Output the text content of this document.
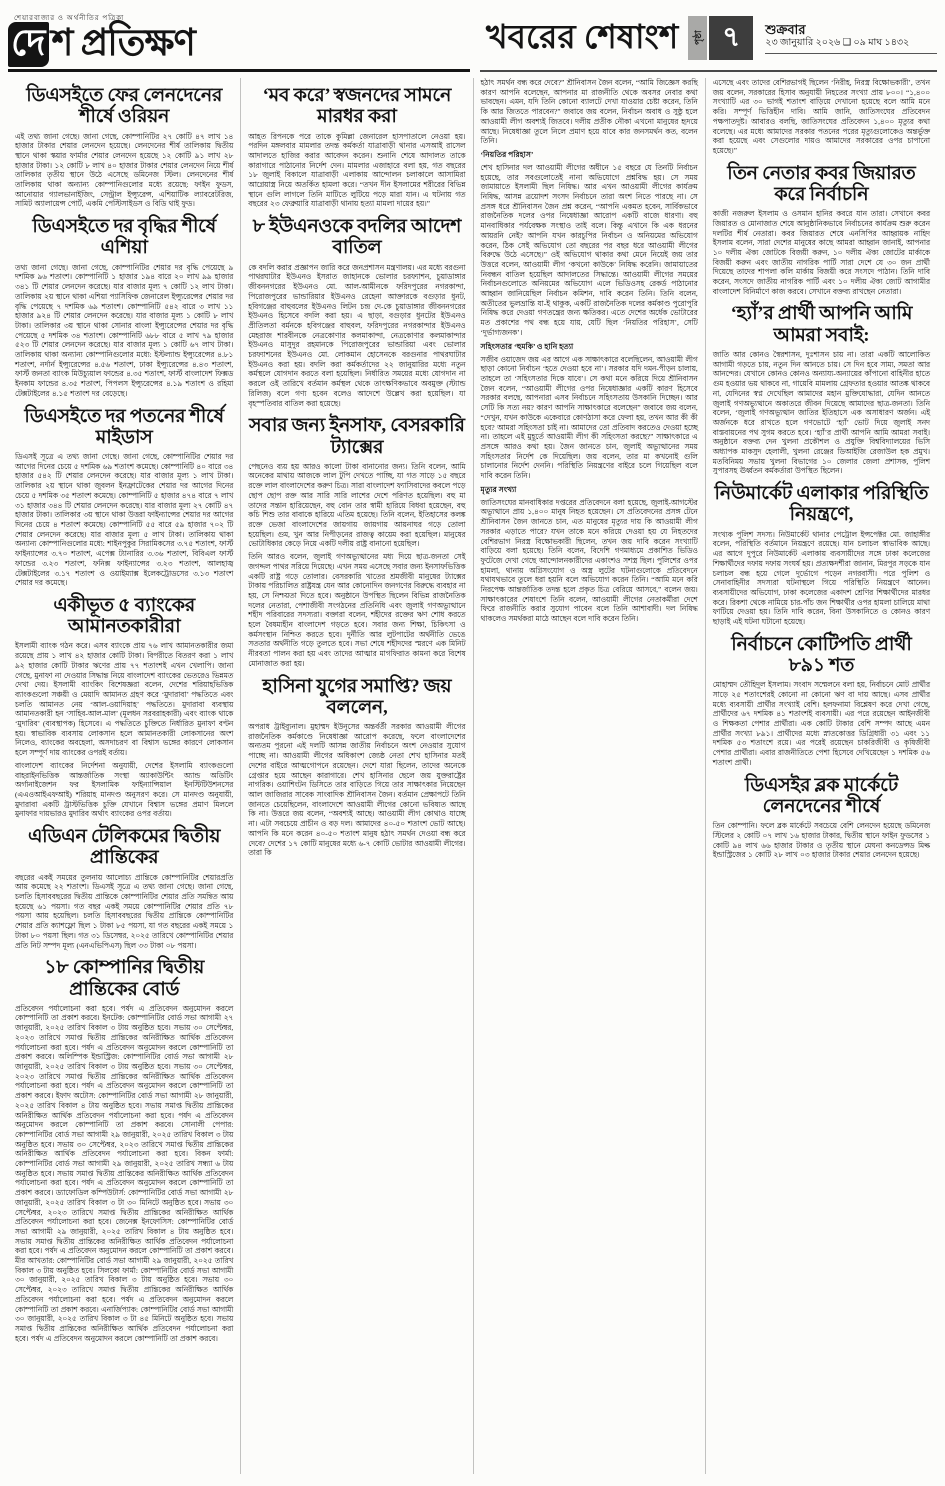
শেয়ারবাজার ও অর্থনীতির পত্রিকা
দে শ প্রতিক্ষণ	খবরের শেষাংশ	পৃষ্ঠা ৭	শুক্রবার
২৩ জানুয়ারি ২০২৬ ❑ ০৯ মাঘ ১৪৩২
ডিএসইতে ফের লেনদেনের শীর্ষে ওরিয়ন

এই তথ্য জানা গেছে। জানা গেছে, কোম্পানিটির ২৭ কোটি ৪৭ লাখ ১৪ হাজার টাকার শেয়ার লেনদেন হয়েছে। লেনদেনের শীর্ষ তালিকায় দ্বিতীয় স্থানে থাকা স্কয়ার ফার্মার শেয়ার লেনদেন হয়েছে ১২ কোটি ৯১ লাখ ২৮ হাজার টাকা। ১২ কোটি ৮ লাখ ৪০ হাজার টাকার শেয়ার লেনদেন নিয়ে শীর্ষ তালিকার তৃতীয় স্থানে উঠে এসেছে ডমিনেজ স্টিল। লেনদেনের শীর্ষ তালিকায় থাকা অন্যান্য কোম্পানিগুলোর মধ্যে রয়েছে: ফাইন ফুডস, আনোয়ার গ্যালভানাইজিং, সেন্ট্রাল ইন্স্যুরেন্স, এশিয়াটিক ল্যাবরেটরিজ, সামিট অ্যালায়েন্স পোর্ট, একমি পেস্টিসাইডস ও বিডি থাই ফুড।

ডিএসইতে দর বৃদ্ধির শীর্ষে এশিয়া

তথ্য জানা গেছে। জানা গেছে, কোম্পানিটির শেয়ার দর বৃদ্ধি পেয়েছে ৯ দশমিক ৯৬ শতাংশ। কোম্পানিটি ১ হাজার ১৯৪ বারে ২০ লাখ ৯৯ হাজার ৩৪১ টি শেয়ার লেনদেন করেছে। যার বাজার মূল্য ৭ কোটি ১২ লাখ টাকা। তালিকায় ২য় স্থানে থাকা এশিয়া প্যাসিফিক জেনারেল ইন্স্যুরেন্সের শেয়ার দর বৃদ্ধি পেয়েছে ৭ দশমিক ৬৯ শতাংশ। কোম্পানিটি ৫৪২ বারে ৩ লাখ ১১ হাজার ৯২৪ টি শেয়ার লেনদেন করেছে। যার বাজার মূল্য ১ কোটি ৮ লাখ টাকা। তালিকার ৩য় স্থানে থাকা সোনার বাংলা ইন্স্যুরেন্সের শেয়ার দর বৃদ্ধি পেয়েছে ৫ দশমিক ৩৪ শতাংশ। কোম্পানিটি ৬৮৮ বারে ৫ লাখ ৭৯ হাজার ৫২৩ টি শেয়ার লেনদেন করেছে। যার বাজার মূল্য ১ কোটি ৬৭ লাখ টাকা। তালিকায় থাকা অন্যান্য কোম্পানিগুলোর মধ্যে: ইস্টল্যান্ড ইন্স্যুরেন্সের ৪.৮১ শতাংশ, নর্দার্ন ইন্স্যুরেন্সের ৪.৫৬ শতাংশ, ঢাকা ইন্স্যুরেন্সের ৪.৪৩ শতাংশ, ফার্স্ট জনতা ব্যাংক মিউচ্যুয়াল ফান্ডের ৪.৩৫ শতাংশ, ফার্স্ট বাংলাদেশ ফিক্সড ইনকাম ফান্ডের ৪.৩৫ শতাংশ, পিপলস ইন্স্যুরেন্সের ৪.১৯ শতাংশ ও রহিমা টেক্সটাইলের ৪.১৫ শতাংশ দর বেড়েছে।

ডিএসইতে দর পতনের শীর্ষে মাইডাস

ডিএসই সূত্রে এ তথ্য জানা গেছে। জানা গেছে, কোম্পানিটির শেয়ার দর আগের দিনের চেয়ে ৫ দশমিক ৬৯ শতাংশ কমেছে। কোম্পানিটি ৪০ বারে ৩৪ হাজার ৫৪২ টি শেয়ার লেনদেন করেছে। যার বাজার মূল্য ১ লাখ টাকা। তালিকার ২য় স্থানে থাকা জুবলন ইনফ্রাটেকের শেয়ার দর আগের দিনের চেয়ে ৫ দশমিক ৩৫ শতাংশ কমেছে। কোম্পানিটি ৫ হাজার ৪৭৪ বারে ৭ লাখ ৩১ হাজার ৩৪৪ টি শেয়ার লেনদেন করেছে। যার বাজার মূল্য ২৭ কোটি ৪৭ হাজার টাকা। তালিকার ৩য় স্থানে থাকা উত্তরা ফাইন্যান্সের শেয়ার দর আগের দিনের চেয়ে ৪ শতাংশ কমেছে। কোম্পানিটি ৫৫ বারে ৫৯ হাজার ৭০২ টি শেয়ার লেনদেন করেছে। যার বাজার মূল্য ৫ লাখ টাকা। তালিকায় থাকা অন্যান্য কোম্পানিগুলোর মধ্যে: শাইনপুকুর সিরামিকসের ৩.৭৫ শতাংশ, ফার্স্ট ফাইন্যান্সের ৩.৭০ শতাংশ, এপেক্স ট্যানারির ৩.৩৬ শতাংশ, বিবিএল ফার্স্ট ফান্ডের ৩.২৩ শতাংশ, ফনিক্স ফাইন্যান্সের ৩.২৩ শতাংশ, আলহাজ্ব টেক্সটাইলের ৩.১৭ শতাংশ ও ওয়াইম্যাক্স ইলেকট্রোডসের ৩.১৩ শতাংশ শেয়ার দর কমেছে।

একীভূত ৫ ব্যাংকের আমানতকারীরা

ইসলামী ব্যাংক গঠন করে। এসব ব্যাংকে প্রায় ৭৬ লাখ আমানতকারীর জমা রয়েছে প্রায় ১ লাখ ৪২ হাজার কোটি টাকা। বিপরীতে বিতরণ করা ১ লাখ ৯২ হাজার কোটি টাকার ঋণের প্রায় ৭৭ শতাংশই এখন খেলাপি। জানা গেছে, মুনাফা না দেওয়ার সিদ্ধান্ত নিয়ে বাংলাদেশ ব্যাংকের ভেতরেও ভিন্নমত দেখা দেয়। ইসলামী ব্যাংকিং বিশেষজ্ঞরা বলেন, দেশের শরিয়াহভিত্তিক ব্যাংকগুলো সঞ্চয়ী ও মেয়াদি আমানত গ্রহণ করে ‘মুদারাবা’ পদ্ধতিতে এবং চলতি আমানত নেয় ‘আল-ওয়াদিয়াহ’ পদ্ধতিতে। মুদারাবা ব্যবস্থায় আমানতকারী হন ‘সাহিব-আল-মাল’ (মূলধন সরবরাহকারী) এবং ব্যাংক থাকে ‘মুদারিব’ (ব্যবস্থাপক) হিসেবে। এ পদ্ধতিতে চুক্তিতে নির্ধারিত মুনাফা বণ্টন হয়। স্বাভাবিক ব্যবসায় লোকসান হলে আমানতকারী লোকসানের অংশ নিলেও, ব্যাংকের অবহেলা, অসদাচরণ বা বিশ্বাস ভঙ্গের কারণে লোকসান হলে সম্পূর্ণ দায় ব্যাংকের ওপরই বর্তায়।

বাংলাদেশ ব্যাংকের নির্দেশনা অনুযায়ী, দেশের ইসলামি ব্যাংকগুলো বাহরাইনভিত্তিক আন্তর্জাতিক সংস্থা অ্যাকাউন্টিং অ্যান্ড অডিটিং অর্গানাইজেশন ফর ইসলামিক ফাইন্যান্সিয়াল ইনস্টিটিউশনসের (এএওআইএফআই) শরিয়াহ মানদণ্ড অনুসরণ করে। সে মানদণ্ড অনুযায়ী, মুদারাবা একটি ট্রাস্টভিত্তিক চুক্তি যেখানে বিশ্বাস ভঙ্গের প্রমাণ মিললে মুনাফার দায়ভারও মুদারিব অর্থাৎ ব্যাংকের ওপর বর্তায়।

এডিএন টেলিকমের দ্বিতীয় প্রান্তিকের

বছরের একই সময়ের তুলনায় আলোচ্য প্রান্তিকে কোম্পানিটির শেয়ারপ্রতি আয় কমেছে ২২ শতাংশ। ডিএসই সূত্রে এ তথ্য জানা গেছে। জানা গেছে, চলতি হিসাববছরের দ্বিতীয় প্রান্তিকে কোম্পানিটির শেয়ার প্রতি সমন্বিত আয় হয়েছে ৬১ পয়সা। গত বছর একই সময়ে কোম্পানিটির শেয়ার প্রতি ৭৮ পয়সা আয় হয়েছিল। চলতি হিসাববছরের দ্বিতীয় প্রান্তিকে কোম্পানিটির শেয়ার প্রতি ক্যাশফ্লো ছিল ১ টাকা ৮৫ পয়সা, যা গত বছরের একই সময়ে ১ টাকা ৮০ পয়সা ছিল। গত ৩১ ডিসেম্বর, ২০২৫ তারিখে কোম্পানিটির শেয়ার প্রতি নিট সম্পদ মূল্য (এনএভিপিএস) ছিল ৩৩ টাকা ০৮ পয়সা।

১৮ কোম্পানির দ্বিতীয় প্রান্তিকের বোর্ড

প্রতিবেদন পর্যালোচনা করা হবে। পর্ষদ এ প্রতিবেদন অনুমোদন করলে কোম্পানিটি তা প্রকাশ করবে। ইনটেক: কোম্পানিটির বোর্ড সভা আগামী ২৭ জানুয়ারী, ২০২৫ তারিখ বিকাল ৩ টায় অনুষ্ঠিত হবে। সভায় ৩০ সেপ্টেম্বর, ২০২৩ তারিখে সমাপ্ত দ্বিতীয় প্রান্তিকের অনিরীক্ষিত আর্থিক প্রতিবেদন পর্যালোচনা করা হবে। পর্ষদ এ প্রতিবেদন অনুমোদন করলে কোম্পানিটি তা প্রকাশ করবে। অলিম্পিক ইন্ডাস্ট্রিজ: কোম্পানিটির বোর্ড সভা আগামী ২৮ জানুয়ারী, ২০২৫ তারিখ বিকাল ৩ টায় অনুষ্ঠিত হবে। সভায় ৩০ সেপ্টেম্বর, ২০২৩ তারিখে সমাপ্ত দ্বিতীয় প্রান্তিকের অনিরীক্ষিত আর্থিক প্রতিবেদন পর্যালোচনা করা হবে। পর্ষদ এ প্রতিবেদন অনুমোদন করলে কোম্পানিটি তা প্রকাশ করবে। ইফাদ অটোস: কোম্পানিটির বোর্ড সভা আগামী ২৮ জানুয়ারী, ২০২৫ তারিখ বিকাল ৪ টায় অনুষ্ঠিত হবে। সভায় সমাপ্ত দ্বিতীয় প্রান্তিকের অনিরীক্ষিত আর্থিক প্রতিবেদন পর্যালোচনা করা হবে। পর্ষদ এ প্রতিবেদন অনুমোদন করলে কোম্পানিটি তা প্রকাশ করবে। সোনালী পেপার: কোম্পানিটির বোর্ড সভা আগামী ২৯ জানুয়ারী, ২০২৫ তারিখ বিকাল ৩ টায় অনুষ্ঠিত হবে। সভায় ৩০ সেপ্টেম্বর, ২০২৩ তারিখে সমাপ্ত দ্বিতীয় প্রান্তিকের অনিরীক্ষিত আর্থিক প্রতিবেদন পর্যালোচনা করা হবে। বিকন ফার্মা: কোম্পানিটির বোর্ড সভা আগামী ২৯ জানুয়ারী, ২০২৫ তারিখ সন্ধ্যা ৬ টায় অনুষ্ঠিত হবে। সভায় সমাপ্ত দ্বিতীয় প্রান্তিকের অনিরীক্ষিত আর্থিক প্রতিবেদন পর্যালোচনা করা হবে। পর্ষদ এ প্রতিবেদন অনুমোদন করলে কোম্পানিটি তা প্রকাশ করবে। ড্যাফোডিল কম্পিউটার্স: কোম্পানিটির বোর্ড সভা আগামী ২৮ জানুয়ারী, ২০২৫ তারিখ বিকাল ৩ টা ৩০ মিনিটে অনুষ্ঠিত হবে। সভায় ৩০ সেপ্টেম্বর, ২০২৩ তারিখে সমাপ্ত দ্বিতীয় প্রান্তিকের অনিরীক্ষিত আর্থিক প্রতিবেদন পর্যালোচনা করা হবে। জেনেক্স ইনফোসিস: কোম্পানিটির বোর্ড সভা আগামী ২৯ জানুয়ারী, ২০২৫ তারিখ বিকাল ৪ টায় অনুষ্ঠিত হবে। সভায় সমাপ্ত দ্বিতীয় প্রান্তিকের অনিরীক্ষিত আর্থিক প্রতিবেদন পর্যালোচনা করা হবে। পর্ষদ এ প্রতিবেদন অনুমোদন করলে কোম্পানিটি তা প্রকাশ করবে। মীর আখতার: কোম্পানিটির বোর্ড সভা আগামী ২৯ জানুয়ারী, ২০২৫ তারিখ বিকাল ৩ টায় অনুষ্ঠিত হবে। সিলকো ফার্মা: কোম্পানিটির বোর্ড সভা আগামী ৩০ জানুয়ারী, ২০২৫ তারিখ বিকাল ৩ টায় অনুষ্ঠিত হবে। সভায় ৩০ সেপ্টেম্বর, ২০২৩ তারিখে সমাপ্ত দ্বিতীয় প্রান্তিকের অনিরীক্ষিত আর্থিক প্রতিবেদন পর্যালোচনা করা হবে। পর্ষদ এ প্রতিবেদন অনুমোদন করলে কোম্পানিটি তা প্রকাশ করবে। এনার্জিপ্যাক: কোম্পানিটির বোর্ড সভা আগামী ৩০ জানুয়ারী, ২০২৫ তারিখ বিকাল ৩ টা ৪৫ মিনিটে অনুষ্ঠিত হবে। সভায় সমাপ্ত দ্বিতীয় প্রান্তিকের অনিরীক্ষিত আর্থিক প্রতিবেদন পর্যালোচনা করা হবে। পর্ষদ এ প্রতিবেদন অনুমোদন করলে কোম্পানিটি তা প্রকাশ করবে।

‘মব করে’ স্বজনদের সামনে মারধর করা

আহত রিপনকে পরে তাকে কুমিল্লা জেনারেল হাসপাতালে নেওয়া হয়। পরদিন মঙ্গলবার মামলার তদন্ত কর্মকর্তা যাত্রাবাড়ী থানার এসআই রাসেল আদালতে হাজির করার আবেদন করেন। শুনানি শেষে আদালত তাকে কারাগারে পাঠানোর নির্দেশ দেন। মামলার এজাহারে বলা হয়, গত বছরের ১৮ জুলাই বিকালে যাত্রাবাড়ী এলাকায় আন্দোলন চলাকালে আসামিরা আগ্নেয়াস্ত্র নিয়ে অতর্কিত হামলা করে। “তখন দীন ইসলামের শরীরের বিভিন্ন স্থানে গুলি লাগলে তিনি মাটিতে লুটিয়ে পড়ে মারা যান। এ ঘটনায় গত বছরের ২৩ ফেব্রুয়ারি যাত্রাবাড়ী থানায় হত্যা মামলা দায়ের হয়।”

৮ ইউএনওকে বদলির আদেশ বাতিল

কে বদলি করার প্রজ্ঞাপন জারি করে জনপ্রশাসন মন্ত্রণালয়। এর মধ্যে বরগুনা পাথরঘাটার ইউএনও ইসরাত জাহানকে ভোলার চরফ্যাশন, চুয়াডাঙ্গার জীবননগরের ইউএনও মো. আল-আমীনকে ফরিদপুরের নগরকান্দা, পিরোজপুরের ভান্ডারিয়ার ইউএনও রেহেনা আক্তারকে বগুড়ার ধুনট, হবিগঞ্জের বাহুবলের ইউএনও লিটন চন্দ্র দে-কে চুয়াডাঙ্গার জীবননগরের ইউএনও হিসেবে বদলি করা হয়। এ ছাড়া, বগুড়ার ধুনটের ইউএনও প্রীতিলতা বর্মনকে হবিগঞ্জের বাহুবল, ফরিদপুরের নগরকান্দার ইউএনও মেহরাজ শারবীনকে নেত্রকোণার কলমাকান্দা, নেত্রকোণার কলমাকান্দার ইউএনও মাসুদুর রহমানকে পিরোজপুরের ভান্ডারিয়া এবং ভোলার চরফ্যাশনের ইউএনও মো. লোকমান হোসেনকে বরগুনার পাথরঘাটার ইউএনও করা হয়। বদলি করা কর্মকর্তাদের ২২ জানুয়ারির মধ্যে নতুন কর্মস্থলে যোগদান করতে বলা হয়েছিল। নির্ধারিত সময়ের মধ্যে যোগদান না করলে ওই তারিখে বর্তমান কর্মস্থল থেকে তাৎক্ষণিকভাবে অবমুক্ত (স্ট্যান্ড রিলিজ) বলে গণ্য হবেন বলেও আদেশে উল্লেখ করা হয়েছিল। যা বৃহস্পতিবার বাতিল করা হয়েছে।

সবার জন্য ইনসাফ, বেসরকারি ট্যাক্সের

পেছনেও ব্যয় হয় আরও কালো টাকা বানানোর জন্য। তিনি বলেন, আমি অনেকের মাথায় আজকে লাল টুপি দেখতে পাচ্ছি, যা গত সাড়ে ১৫ বছরে রক্তে লাল বাংলাদেশের করুণ চিত্র। সারা বাংলাদেশ ফ্যাসিবাদের কবলে পড়ে ছোপ ছোপ রক্ত আর সারি সারি লাশের দেশে পরিণত হয়েছিল। বহু মা তাদের সন্তান হারিয়েছেন, বহু বোন তার স্বামী হারিয়ে বিধবা হয়েছেন, বহু কচি শিশু তার বাবাকে হারিয়ে এতিম হয়েছে। তিনি বলেন, ইতিহাসের কলঙ্ক রক্তে ভেজা বাংলাদেশের জায়গায় জায়গায় আয়নাঘর গড়ে তোলা হয়েছিল। গুম, খুন আর নিপীড়নের রাজত্ব কায়েম করা হয়েছিল। মানুষের ভোটাধিকার কেড়ে নিয়ে একটি দলীয় রাষ্ট্র বানানো হয়েছিল।

তিনি আরও বলেন, জুলাই গণঅভ্যুত্থানের মধ্য দিয়ে ছাত্র-জনতা সেই জগদ্দল পাথর সরিয়ে দিয়েছে। এখন সময় এসেছে সবার জন্য ইনসাফভিত্তিক একটি রাষ্ট্র গড়ে তোলার। বেসরকারি খাতের শ্রমজীবী মানুষের ট্যাক্সের টাকায় পরিচালিত রাষ্ট্রযন্ত্র যেন আর কোনোদিন জনগণের বিরুদ্ধে ব্যবহার না হয়, সে নিশ্চয়তা দিতে হবে। অনুষ্ঠানে উপস্থিত ছিলেন বিভিন্ন রাজনৈতিক দলের নেতারা, পেশাজীবী সংগঠনের প্রতিনিধি এবং জুলাই গণঅভ্যুত্থানে শহীদ পরিবারের সদস্যরা। বক্তারা বলেন, শহীদের রক্তের ঋণ শোধ করতে হলে বৈষম্যহীন বাংলাদেশ গড়তে হবে। সবার জন্য শিক্ষা, চিকিৎসা ও কর্মসংস্থান নিশ্চিত করতে হবে। দুর্নীতি আর লুটপাটের অর্থনীতি ভেঙে সততার অর্থনীতি গড়ে তুলতে হবে। সভা শেষে শহীদদের স্মরণে এক মিনিট নীরবতা পালন করা হয় এবং তাদের আত্মার মাগফিরাত কামনা করে বিশেষ মোনাজাত করা হয়।

হাসিনা যুগের সমাপ্তি? জয় বললেন,

অপরাধ ট্রাইব্যুনাল। মুহাম্মদ ইউনূসের অন্তর্বর্তী সরকার আওয়ামী লীগের রাজনৈতিক কর্মকাণ্ডে নিষেধাজ্ঞা আরোপ করেছে, ফলে বাংলাদেশের অন্যতম পুরনো এই দলটি আসন্ন জাতীয় নির্বাচনে অংশ নেওয়ার সুযোগ পাচ্ছে না। আওয়ামী লীগের অধিকাংশ জ্যেষ্ঠ নেতা শেখ হাসিনার মতই দেশের বাইরে আত্মগোপনে রয়েছেন। দেশে যারা ছিলেন, তাদের অনেকে গ্রেপ্তার হয়ে আছেন কারাগারে। শেখ হাসিনার ছেলে জয় যুক্তরাষ্ট্রের নাগরিক। ওয়াশিংটন ডিসিতে তার বাড়িতে গিয়ে তার সাক্ষাৎকার নিয়েছেন আল জাজিরার সাবেক সাংবাদিক শ্রীনিবাসন জৈন। বর্তমান প্রেক্ষাপটে তিনি জানতে চেয়েছিলেন, বাংলাদেশে আওয়ামী লীগের কোনো ভবিষ্যত আছে কি না। উত্তরে জয় বলেন, “অবশ্যই আছে। আওয়ামী লীগ কোথাও যাচ্ছে না। এটা সবচেয়ে প্রাচীন ও বড় দল। আমাদের ৪০-৫০ শতাংশ ভোট আছে। আপনি কি মনে করেন ৪০-৫০ শতাংশ মানুষ হঠাৎ সমর্থন দেওয়া বন্ধ করে দেবে? দেশের ১৭ কোটি মানুষের মধ্যে ৬-৭ কোটি ভোটার আওয়ামী লীগের। তারা কি

হঠাৎ সমর্থন বন্ধ করে দেবে?” শ্রীনিবাসন জৈন বলেন, “আমি জিজ্ঞেস করছি কারণ আপনি বলেছেন, আপনার মা রাজনীতি থেকে অবসর নেবার কথা ভাবছেন। এমন, যদি তিনি কোনো ব্যালটে দেখা যাওয়ার চেষ্টা করেন, তিনি কি আর জিততে পারবেন?” জবাবে জয় বলেন, নির্বাচন অবাধ ও সুষ্ঠু হলে আওয়ামী লীগ অবশ্যই জিতবে। দলীয় প্রতীক নৌকা এখনো মানুষের হৃদয়ে আছে। নিষেধাজ্ঞা তুলে নিলে প্রমাণ হয়ে যাবে কার জনসমর্থন কত, বলেন তিনি।

‘নিয়তির পরিহাস’

শেখ হাসিনার দল আওয়ামী লীগের অধীনে ১৫ বছরে যে তিনটি নির্বাচন হয়েছে, তার সবগুলোতেই নানা অভিযোগে প্রশ্নবিদ্ধ হয়। সে সময় জামায়াতে ইসলামী ছিল নিষিদ্ধ। আর এখন আওয়ামী লীগের কার্যক্রম নিষিদ্ধ, আসন্ন ত্রয়োদশ সংসদ নির্বাচনে তারা অংশ নিতে পারছে না। সে প্রসঙ্গ ধরে শ্রীনিবাসন জৈন প্রশ্ন করেন, “আপনি একমত হবেন, সার্বিকভাবে রাজনৈতিক দলের ওপর নিষেধাজ্ঞা আরোপ একটি বাজে ধারণা। বহু মানবাধিকার পর্যবেক্ষক সংস্থাও তাই বলে। কিন্তু এখানে কি এক ধরনের আয়রনি নেই? আপনি যখন কারচুপির নির্বাচন ও অনিয়মের অভিযোগ করেন, ঠিক সেই অভিযোগ তো বছরের পর বছর ধরে আওয়ামী লীগের বিরুদ্ধে উঠে এসেছে।” ওই অভিযোগ থাকার কথা মেনে নিয়েই জয় তার উত্তরে বলেন, আওয়ামী লীগ ‘কখনো কাউকে’ নিষিদ্ধ করেনি। জামায়াতের নিবন্ধন বাতিল হয়েছিল আদালতের সিদ্ধান্তে। আওয়ামী লীগের সময়ের নির্বাচনগুলোতে অনিয়মের অভিযোগ এলে ভিডিওসহ রেকর্ড পাঠানোর আহ্বান জানিয়েছিল নির্বাচন কমিশন, দাবি করেন তিনি। তিনি বলেন, অতীতের ভুলভ্রান্তি যা-ই থাকুক, একটি রাজনৈতিক দলের কর্মকাণ্ড পুরোপুরি নিষিদ্ধ করে দেওয়া গণতন্ত্রের জন্য ক্ষতিকর। এতে দেশের অর্ধেক ভোটারের মত প্রকাশের পথ বন্ধ হয়ে যায়, যেটি ছিল ‘নিয়তির পরিহাস’, সেটি ‘দুর্ভাগ্যজনক’।

সহিংসতার ‘হুমকি’ ও হানি হত্যা

সজীব ওয়াজেদ জয় এর আগে এক সাক্ষাৎকারে বলেছিলেন, আওয়ামী লীগ ছাড়া কোনো নির্বাচন ‘হতে দেওয়া হবে না’। সরকার যদি দমন-পীড়ন চালায়, তাহলে তা ‘সহিংসতার দিকে যাবে’। সে কথা মনে করিয়ে দিয়ে শ্রীনিবাসন জৈন বলেন, “আওয়ামী লীগের ওপর নিষেধাজ্ঞার একটি কারণ হিসেবে সরকার বলছে, আপনারা এসব নির্বাচনে সহিংসতায় উসকানি দিচ্ছেন। আর সেটি কি সত্য নয়? কারণ আপনি সাক্ষাৎকারে বলেছেন” জবাবে জয় বলেন, “দেখুন, যখন কাউকে একেবারে কোণঠাসা করে ফেলা হয়, তখন আর কী কী হবে? আমরা সহিংসতা চাই না। আমাদের তো প্রতিবাদ করতেও দেওয়া হচ্ছে না। তাহলে এই মুহূর্তে আওয়ামী লীগ কী সহিংসতা করছে?” সাক্ষাৎকারে এ প্রসঙ্গে আরও কথা হয়। জৈন জানতে চান, জুলাই অভ্যুত্থানের সময় সহিংসতার নির্দেশ কে দিয়েছিল। জয় বলেন, তার মা কখনোই গুলি চালানোর নির্দেশ দেননি। পরিস্থিতি নিয়ন্ত্রণের বাইরে চলে গিয়েছিল বলে দাবি করেন তিনি।

মৃত্যুর সংখ্যা

জাতিসংঘের মানবাধিকার দপ্তরের প্রতিবেদনে বলা হয়েছে, জুলাই-আগস্টের অভ্যুত্থানে প্রায় ১,৪০০ মানুষ নিহত হয়েছেন। সে প্রতিবেদনের প্রসঙ্গ টেনে শ্রীনিবাসন জৈন জানতে চান, এত মানুষের মৃত্যুর দায় কি আওয়ামী লীগ সরকার এড়াতে পারে? যখন তাকে মনে করিয়ে দেওয়া হয় যে নিহতদের বেশিরভাগ নিরস্ত্র বিক্ষোভকারী ছিলেন, তখন জয় দাবি করেন সংখ্যাটি বাড়িয়ে বলা হয়েছে। তিনি বলেন, বিদেশি গণমাধ্যমে প্রকাশিত ভিডিও ফুটেজে দেখা গেছে আন্দোলনকারীদের একাংশও সশস্ত্র ছিল। পুলিশের ওপর হামলা, থানায় অগ্নিসংযোগ ও অস্ত্র লুটের ঘটনাগুলোকে প্রতিবেদনে যথাযথভাবে তুলে ধরা হয়নি বলে অভিযোগ করেন তিনি। “আমি মনে করি নিরপেক্ষ আন্তর্জাতিক তদন্ত হলে প্রকৃত চিত্র বেরিয়ে আসবে,” বলেন জয়। সাক্ষাৎকারের শেষাংশে তিনি বলেন, আওয়ামী লীগের নেতাকর্মীরা দেশে ফিরে রাজনীতি করার সুযোগ পাবেন বলে তিনি আশাবাদী। দল নিষিদ্ধ থাকলেও সমর্থকরা মাঠে আছেন বলে দাবি করেন তিনি।

এসেছে এবং তাদের বেশিরভাগই ছিলেন ‘নিরীহ, নিরস্ত্র বিক্ষোভকারী’, তখন জয় বলেন, সরকারের হিসাব অনুযায়ী নিহতের সংখ্যা প্রায় ৮০০। “১,৪০০ সংখ্যাটি এর ৩০ ভাগই শতাংশ বাড়িয়ে দেখানো হয়েছে বলে আমি মনে করি। সম্পূর্ণ ভিত্তিহীন দাবি। আমি জানি, জাতিসংঘের প্রতিবেদন পক্ষপাতদুষ্ট। আবারও বলছি, জাতিসংঘের প্রতিবেদন ১,৪০০ মৃত্যুর কথা বলেছে। এর মধ্যে আমাদের সরকার পতনের পরের মৃত্যুগুলোকেও অন্তর্ভুক্ত করা হয়েছে এবং সেগুলোর দায়ও আমাদের সরকারের ওপর চাপানো হয়েছে।”

তিন নেতার কবর জিয়ারত করে নির্বাচনি

কাজী নজরুল ইসলাম ও ওসমান হানির কবরে যান তারা। সেখানে কবর জিয়ারত ও মোনাজাত শেষে আনুষ্ঠানিকভাবে নির্বাচনের কার্যক্রম শুরু করেন দলটির শীর্ষ নেতারা। কবর জিয়ারত শেষে এনসিপির আহ্বায়ক নাহিদ ইসলাম বলেন, সারা দেশের মানুষের কাছে আমরা আহ্বান জানাই, আপনার ১০ দলীয় ঐক্য জোটকে বিজয়ী করুন, ১০ দলীয় ঐক্য জোটের মার্কাকে বিজয়ী করুন এবং জাতীয় নাগরিক পার্টি সারা দেশে যে ৩০ জন প্রার্থী দিয়েছে তাদের শাপলা কলি মার্কায় বিজয়ী করে সংসদে পাঠান। তিনি দাবি করেন, সংসদে জাতীয় নাগরিক পার্টি এবং ১০ দলীয় ঐক্য জোট আগামীর বাংলাদেশ বিনির্মাণে কাজ করবে। সেখানে বক্তব্য রাখছেন নেতারা।

‘হ্যাঁ’র প্রার্থী আপনি আমি আমরা সবাই:

জাতি আর কোনও স্বৈরশাসন, দুঃশাসন চায় না। তারা একটি আলোকিত আগামী গড়তে চায়, নতুন দিন আনতে চায়। সে দিন হবে সাম্য, সমতা আর আনন্দের। যেখানে কোনও কোনও অন্যায্য-অন্যায়ের কাঁপানো বাহিনীর হাতে গুম হওয়ার ভয় থাকবে না, গায়েবি মামলায় গ্রেফতার হওয়ার আতঙ্ক থাকবে না, যেদিনের স্বপ্ন দেখেছিল আমাদের মহান মুক্তিযোদ্ধারা, যেদিন আনতে জুলাই গণঅভ্যুত্থানে অকাতরে জীবন দিয়েছে আমাদের ছাত্র-জনতা। তিনি বলেন, ‘জুলাই গণঅভ্যুত্থান জাতির ইতিহাসে এক অসাধারণ অর্জন। এই অর্জনকে ধরে রাখতে হলে গণভোটে ‘হ্যাঁ’ ভোট দিয়ে জুলাই সনদ বাস্তবায়নের পথ সুগম করতে হবে। ‘হ্যাঁ’র প্রার্থী আপনি আমি আমরা সবাই। অনুষ্ঠানে বক্তব্য দেন খুলনা প্রকৌশল ও প্রযুক্তি বিশ্ববিদ্যালয়ের ভিসি অধ্যাপক মাকসুদ হেলালী, খুলনা রেঞ্জের ডিআইজি রেজাউল হক প্রমুখ। মতবিনিময় সভায় খুলনা বিভাগের ১০ জেলার জেলা প্রশাসক, পুলিশ সুপারসহ ঊর্ধ্বতন কর্মকর্তারা উপস্থিত ছিলেন।

নিউমার্কেট এলাকার পরিস্থিতি নিয়ন্ত্রণে,

সংখ্যক পুলিশ সদস্য। নিউমার্কেট থানার পেট্রোল ইন্সপেক্টর মো. জাহাঙ্গীর বলেন, পরিস্থিতি বর্তমানে নিয়ন্ত্রণে রয়েছে। যান চলাচল স্বাভাবিক আছে। এর আগে দুপুরে নিউমার্কেট এলাকায় ব্যবসায়ীদের সঙ্গে ঢাকা কলেজের শিক্ষার্থীদের দফায় দফায় সংঘর্ষ হয়। প্রত্যক্ষদর্শীরা জানান, মিরপুর সড়কে যান চলাচল বন্ধ হয়ে গেলে দুর্ভোগে পড়েন নগরবাসী। পরে পুলিশ ও সেনাবাহিনীর সদস্যরা ঘটনাস্থলে গিয়ে পরিস্থিতি নিয়ন্ত্রণে আনেন। ব্যবসায়ীদের অভিযোগ, ঢাকা কলেজের একাদশ শ্রেণির শিক্ষার্থীদের মারধর করে। রিকশা থেকে নামিয়ে চার-পাঁচ জন শিক্ষার্থীর ওপর হামলা চালিয়ে মাথা ফাটিয়ে দেওয়া হয়। তিনি দাবি করেন, বিনা উসকানিতে ও কোনও কারণ ছাড়াই এই ঘটনা ঘটানো হয়েছে।

নির্বাচনে কোটিপতি প্রার্থী ৮৯১ শত

মোহাম্মদ তৌহিদুল ইসলাম। সংবাদ সম্মেলনে বলা হয়, নির্বাচনে মোট প্রার্থীর সাড়ে ২৫ শতাংশেরই কোনো না কোনো ঋণ বা দায় আছে। এসব প্রার্থীর মধ্যে ব্যবসায়ী প্রার্থীর সংখ্যাই বেশি। হলফনামা বিশ্লেষণ করে দেখা গেছে, প্রার্থীদের ৬৭ দশমিক ৪১ শতাংশই ব্যবসায়ী। এর পরে রয়েছেন আইনজীবী ও শিক্ষকতা পেশার প্রার্থীরা। এক কোটি টাকার বেশি সম্পদ আছে এমন প্রার্থীর সংখ্যা ৮৯১। প্রার্থীদের মধ্যে স্নাতকোত্তর ডিগ্রিধারী ৩১ এবং ১১ দশমিক ৫৩ শতাংশে রয়ে। এর পরেই রয়েছেন চাকরিজীবী ও কৃষিজীবী পেশার প্রার্থীরা। এবার রাজনীতিতে পেশা হিসেবে দেখিয়েছেন ১ দশমিক ৫৬ শতাংশ প্রার্থী।

ডিএসইর ব্লক মার্কেটে লেনদেনের শীর্ষে

তিন কোম্পানি। ফলে ব্লক মার্কেটে সবচেয়ে বেশি লেনদেন হয়েছে ডমিনেজ স্টিলের ২ কোটি ০৭ লাখ ১৬ হাজার টাকার, দ্বিতীয় স্থানে ফাইন ফুডসের ১ কোটি ৯৪ লাখ ৬৬ হাজার টাকার ও তৃতীয় স্থানে মেঘনা কনডেন্সড মিল্ক ইন্ডাস্ট্রিজের ১ কোটি ২৮ লাখ ০৩ হাজার টাকার শেয়ার লেনদেন হয়েছে।
